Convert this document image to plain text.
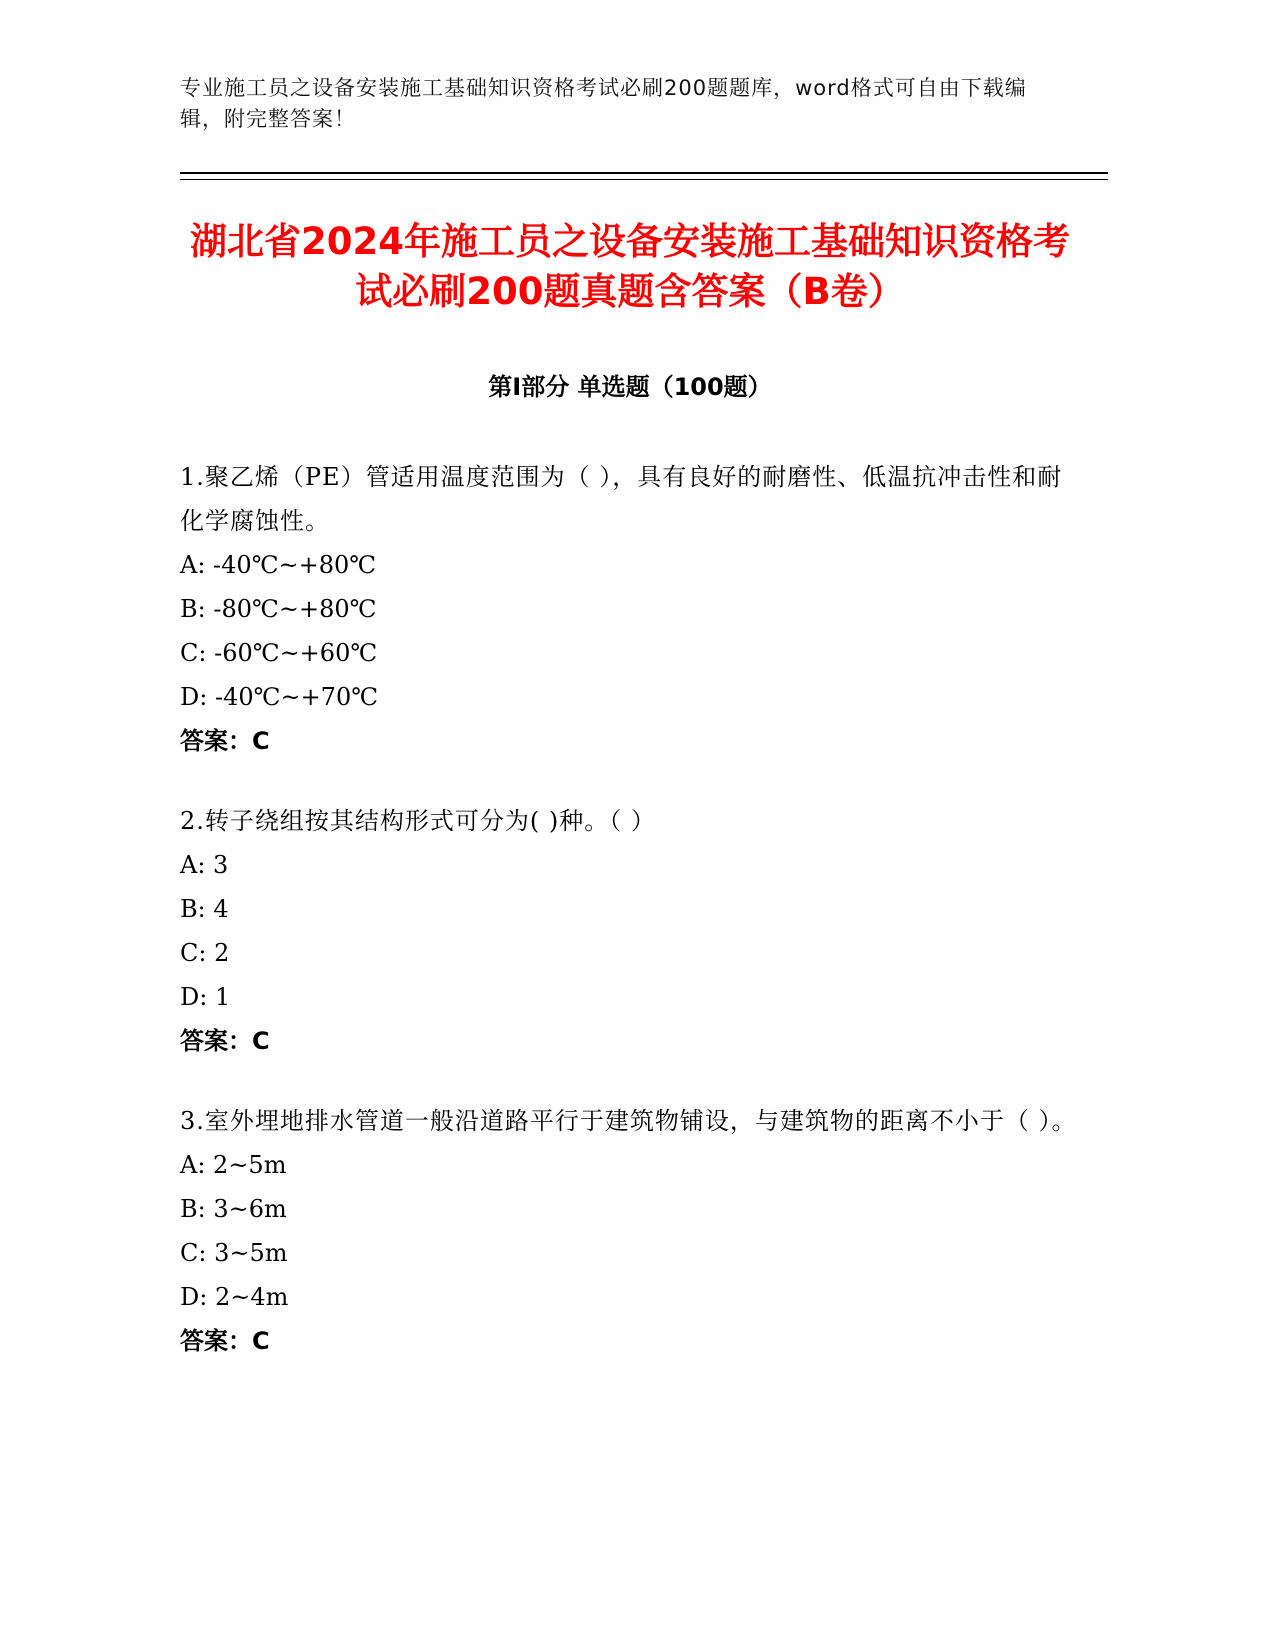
专业施工员之设备安装施工基础知识资格考试必刷200题题库，word格式可自由下载编辑，附完整答案！
湖北省2024年施工员之设备安装施工基础知识资格考试必刷200题真题含答案（B卷）
第Ⅰ部分 单选题（100题）
1.聚乙烯（PE）管适用温度范围为（ ），具有良好的耐磨性、低温抗冲击性和耐化学腐蚀性。
A: -40℃~+80℃
B: -80℃~+80℃
C: -60℃~+60℃
D: -40℃~+70℃
答案：C
2.转子绕组按其结构形式可分为( )种。（ ）
A: 3
B: 4
C: 2
D: 1
答案：C
3.室外埋地排水管道一般沿道路平行于建筑物铺设，与建筑物的距离不小于（ ）。
A: 2~5m
B: 3~6m
C: 3~5m
D: 2~4m
答案：C
